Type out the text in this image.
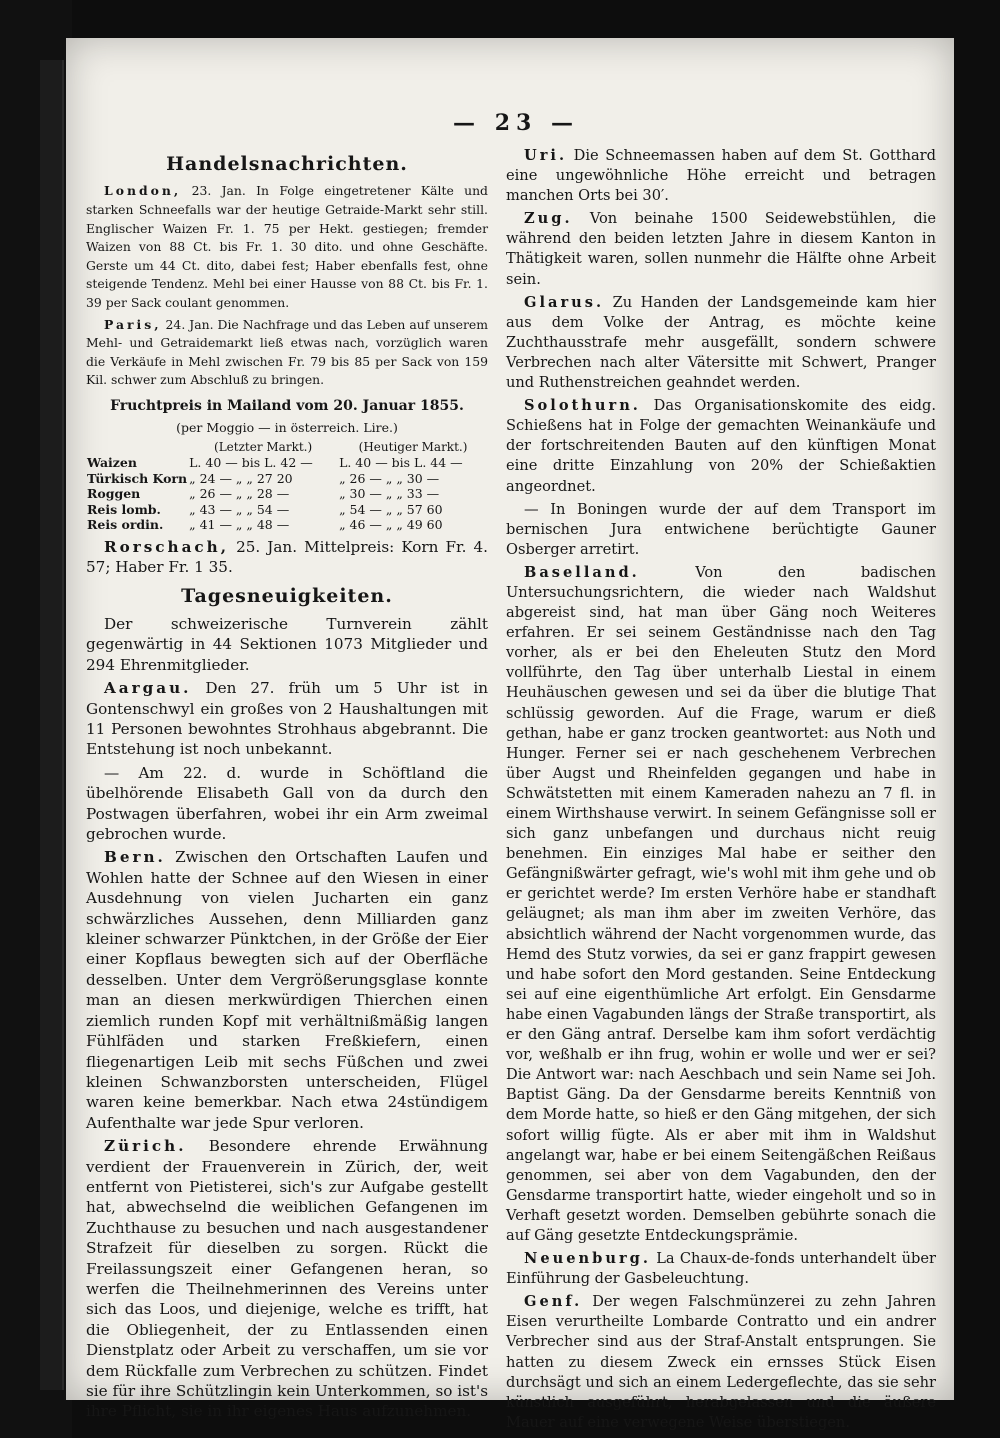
— 23 —
Handelsnachrichten.

London, 23. Jan. In Folge eingetretener Kälte und starken Schneefalls war der heutige Getraide-Markt sehr still. Englischer Waizen Fr. 1. 75 per Hekt. gestiegen; fremder Waizen von 88 Ct. bis Fr. 1. 30 dito. und ohne Geschäfte. Gerste um 44 Ct. dito, dabei fest; Haber ebenfalls fest, ohne steigende Tendenz. Mehl bei einer Hausse von 88 Ct. bis Fr. 1. 39 per Sack coulant genommen.

Paris, 24. Jan. Die Nachfrage und das Leben auf unserem Mehl- und Getraidemarkt ließ etwas nach, vorzüglich waren die Verkäufe in Mehl zwischen Fr. 79 bis 85 per Sack von 159 Kil. schwer zum Abschluß zu bringen.

Fruchtpreis in Mailand vom 20. Januar 1855.
(per Moggio — in österreich. Lire.)
	(Letzter Markt.)	(Heutiger Markt.)
Waizen	L. 40 — bis L. 42 —	L. 40 — bis L. 44 —
Türkisch Korn	„ 24 — „ „ 27 20	„ 26 — „ „ 30 —
Roggen	„ 26 — „ „ 28 —	„ 30 — „ „ 33 —
Reis lomb.	„ 43 — „ „ 54 —	„ 54 — „ „ 57 60
Reis ordin.	„ 41 — „ „ 48 —	„ 46 — „ „ 49 60

Rorschach, 25. Jan. Mittelpreis: Korn Fr. 4. 57; Haber Fr. 1 35.

Tagesneuigkeiten.

Der schweizerische Turnverein zählt gegenwärtig in 44 Sektionen 1073 Mitglieder und 294 Ehrenmitglieder.

Aargau. Den 27. früh um 5 Uhr ist in Gontenschwyl ein großes von 2 Haushaltungen mit 11 Personen bewohntes Strohhaus abgebrannt. Die Entstehung ist noch unbekannt.

— Am 22. d. wurde in Schöftland die übelhörende Elisabeth Gall von da durch den Postwagen überfahren, wobei ihr ein Arm zweimal gebrochen wurde.

Bern. Zwischen den Ortschaften Laufen und Wohlen hatte der Schnee auf den Wiesen in einer Ausdehnung von vielen Jucharten ein ganz schwärzliches Aussehen, denn Milliarden ganz kleiner schwarzer Pünktchen, in der Größe der Eier einer Kopflaus bewegten sich auf der Oberfläche desselben. Unter dem Vergrößerungsglase konnte man an diesen merkwürdigen Thierchen einen ziemlich runden Kopf mit verhältnißmäßig langen Fühlfäden und starken Freßkiefern, einen fliegenartigen Leib mit sechs Füßchen und zwei kleinen Schwanzborsten unterscheiden, Flügel waren keine bemerkbar. Nach etwa 24stündigem Aufenthalte war jede Spur verloren.

Zürich. Besondere ehrende Erwähnung verdient der Frauenverein in Zürich, der, weit entfernt von Pietisterei, sich's zur Aufgabe gestellt hat, abwechselnd die weiblichen Gefangenen im Zuchthause zu besuchen und nach ausgestandener Strafzeit für dieselben zu sorgen. Rückt die Freilassungszeit einer Gefangenen heran, so werfen die Theilnehmerinnen des Vereins unter sich das Loos, und diejenige, welche es trifft, hat die Obliegenheit, der zu Entlassenden einen Dienstplatz oder Arbeit zu verschaffen, um sie vor dem Rückfalle zum Verbrechen zu schützen. Findet sie für ihre Schützlingin kein Unterkommen, so ist's ihre Pflicht, sie in ihr eigenes Haus aufzunehmen.

Uri. Die Schneemassen haben auf dem St. Gotthard eine ungewöhnliche Höhe erreicht und betragen manchen Orts bei 30′.

Zug. Von beinahe 1500 Seidewebstühlen, die während den beiden letzten Jahre in diesem Kanton in Thätigkeit waren, sollen nunmehr die Hälfte ohne Arbeit sein.

Glarus. Zu Handen der Landsgemeinde kam hier aus dem Volke der Antrag, es möchte keine Zuchthausstrafe mehr ausgefällt, sondern schwere Verbrechen nach alter Vätersitte mit Schwert, Pranger und Ruthenstreichen geahndet werden.

Solothurn. Das Organisationskomite des eidg. Schießens hat in Folge der gemachten Weinankäufe und der fortschreitenden Bauten auf den künftigen Monat eine dritte Einzahlung von 20% der Schießaktien angeordnet.

— In Boningen wurde der auf dem Transport im bernischen Jura entwichene berüchtigte Gauner Osberger arretirt.

Baselland.	Von den badischen Untersuchungsrichtern, die wieder nach Waldshut abgereist sind, hat man über Gäng noch Weiteres erfahren. Er sei seinem Geständnisse nach den Tag vorher, als er bei den Eheleuten Stutz den Mord vollführte, den Tag über unterhalb Liestal in einem Heuhäuschen gewesen und sei da über die blutige That schlüssig geworden. Auf die Frage, warum er dieß gethan, habe er ganz trocken geantwortet: aus Noth und Hunger. Ferner sei er nach geschehenem Verbrechen über Augst und Rheinfelden gegangen und habe in Schwätstetten mit einem Kameraden nahezu an 7 fl. in einem Wirthshause verwirt. In seinem Gefängnisse soll er sich ganz unbefangen und durchaus nicht reuig benehmen. Ein einziges Mal habe er seither den Gefängnißwärter gefragt, wie's wohl mit ihm gehe und ob er gerichtet werde? Im ersten Verhöre habe er standhaft geläugnet; als man ihm aber im zweiten Verhöre, das absichtlich während der Nacht vorgenommen wurde, das Hemd des Stutz vorwies, da sei er ganz frappirt gewesen und habe sofort den Mord gestanden. Seine Entdeckung sei auf eine eigenthümliche Art erfolgt. Ein Gensdarme habe einen Vagabunden längs der Straße transportirt, als er den Gäng antraf. Derselbe kam ihm sofort verdächtig vor, weßhalb er ihn frug, wohin er wolle und wer er sei? Die Antwort war: nach Aeschbach und sein Name sei Joh. Baptist Gäng. Da der Gensdarme bereits Kenntniß von dem Morde hatte, so hieß er den Gäng mitgehen, der sich sofort willig fügte. Als er aber mit ihm in Waldshut angelangt war, habe er bei einem Seitengäßchen Reißaus genommen, sei aber von dem Vagabunden, den der Gensdarme transportirt hatte, wieder eingeholt und so in Verhaft gesetzt worden. Demselben gebührte sonach die auf Gäng gesetzte Entdeckungsprämie.

Neuenburg. La Chaux-de-fonds unterhandelt über Einführung der Gasbeleuchtung.

Genf. Der wegen Falschmünzerei zu zehn Jahren Eisen verurtheilte Lombarde Contratto und ein andrer Verbrecher sind aus der Straf-Anstalt entsprungen. Sie hatten zu diesem Zweck ein ernsses Stück Eisen durchsägt und sich an einem Ledergeflechte, das sie sehr künstlich ausgeführt, herabgelassen und die äußere Mauer auf eine verwegene Weise überstiegen.
